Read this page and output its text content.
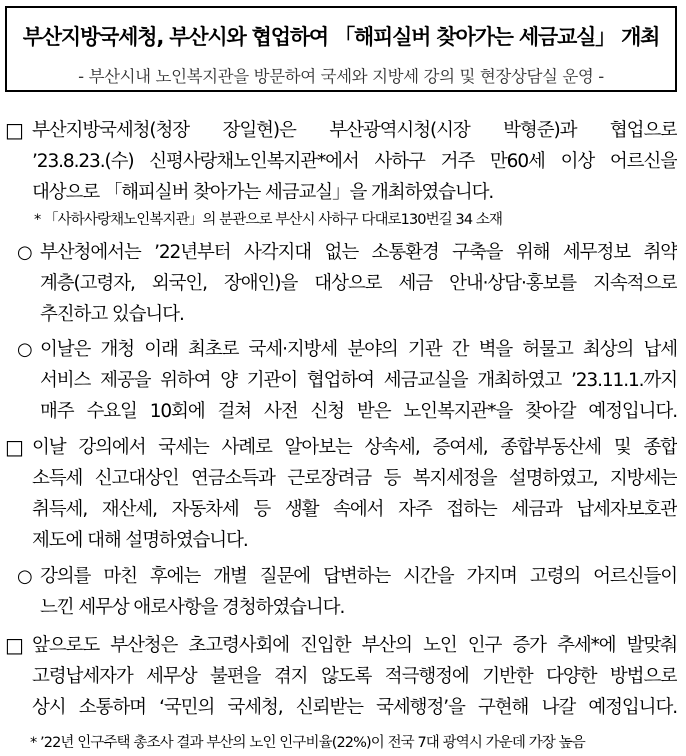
부산지방국세청, 부산시와 협업하여 「해피실버 찾아가는 세금교실」 개최
- 부산시내 노인복지관을 방문하여 국세와 지방세 강의 및 현장상담실 운영 -
□ 부산지방국세청(청장 장일현)은 부산광역시청(시장 박형준)과 협업으로
’23.8.23.(수) 신평사랑채노인복지관*에서 사하구 거주 만60세 이상 어르신을
대상으로 「해피실버 찾아가는 세금교실」을 개최하였습니다.
* 「사하사랑채노인복지관」의 분관으로 부산시 사하구 다대로130번길 34 소재
○ 부산청에서는 ’22년부터 사각지대 없는 소통환경 구축을 위해 세무정보 취약
계층(고령자, 외국인, 장애인)을 대상으로 세금 안내·상담·홍보를 지속적으로
추진하고 있습니다.
○ 이날은 개청 이래 최초로 국세·지방세 분야의 기관 간 벽을 허물고 최상의 납세
서비스 제공을 위하여 양 기관이 협업하여 세금교실을 개최하였고 ’23.11.1.까지
매주 수요일 10회에 걸쳐 사전 신청 받은 노인복지관*을 찾아갈 예정입니다.
□ 이날 강의에서 국세는 사례로 알아보는 상속세, 증여세, 종합부동산세 및 종합
소득세 신고대상인 연금소득과 근로장려금 등 복지세정을 설명하였고, 지방세는
취득세, 재산세, 자동차세 등 생활 속에서 자주 접하는 세금과 납세자보호관
제도에 대해 설명하였습니다.
○ 강의를 마친 후에는 개별 질문에 답변하는 시간을 가지며 고령의 어르신들이
느낀 세무상 애로사항을 경청하였습니다.
□ 앞으로도 부산청은 초고령사회에 진입한 부산의 노인 인구 증가 추세*에 발맞춰
고령납세자가 세무상 불편을 겪지 않도록 적극행정에 기반한 다양한 방법으로
상시 소통하며 ‘국민의 국세청, 신뢰받는 국세행정’을 구현해 나갈 예정입니다.
* ’22년 인구주택 총조사 결과 부산의 노인 인구비율(22%)이 전국 7대 광역시 가운데 가장 높음
